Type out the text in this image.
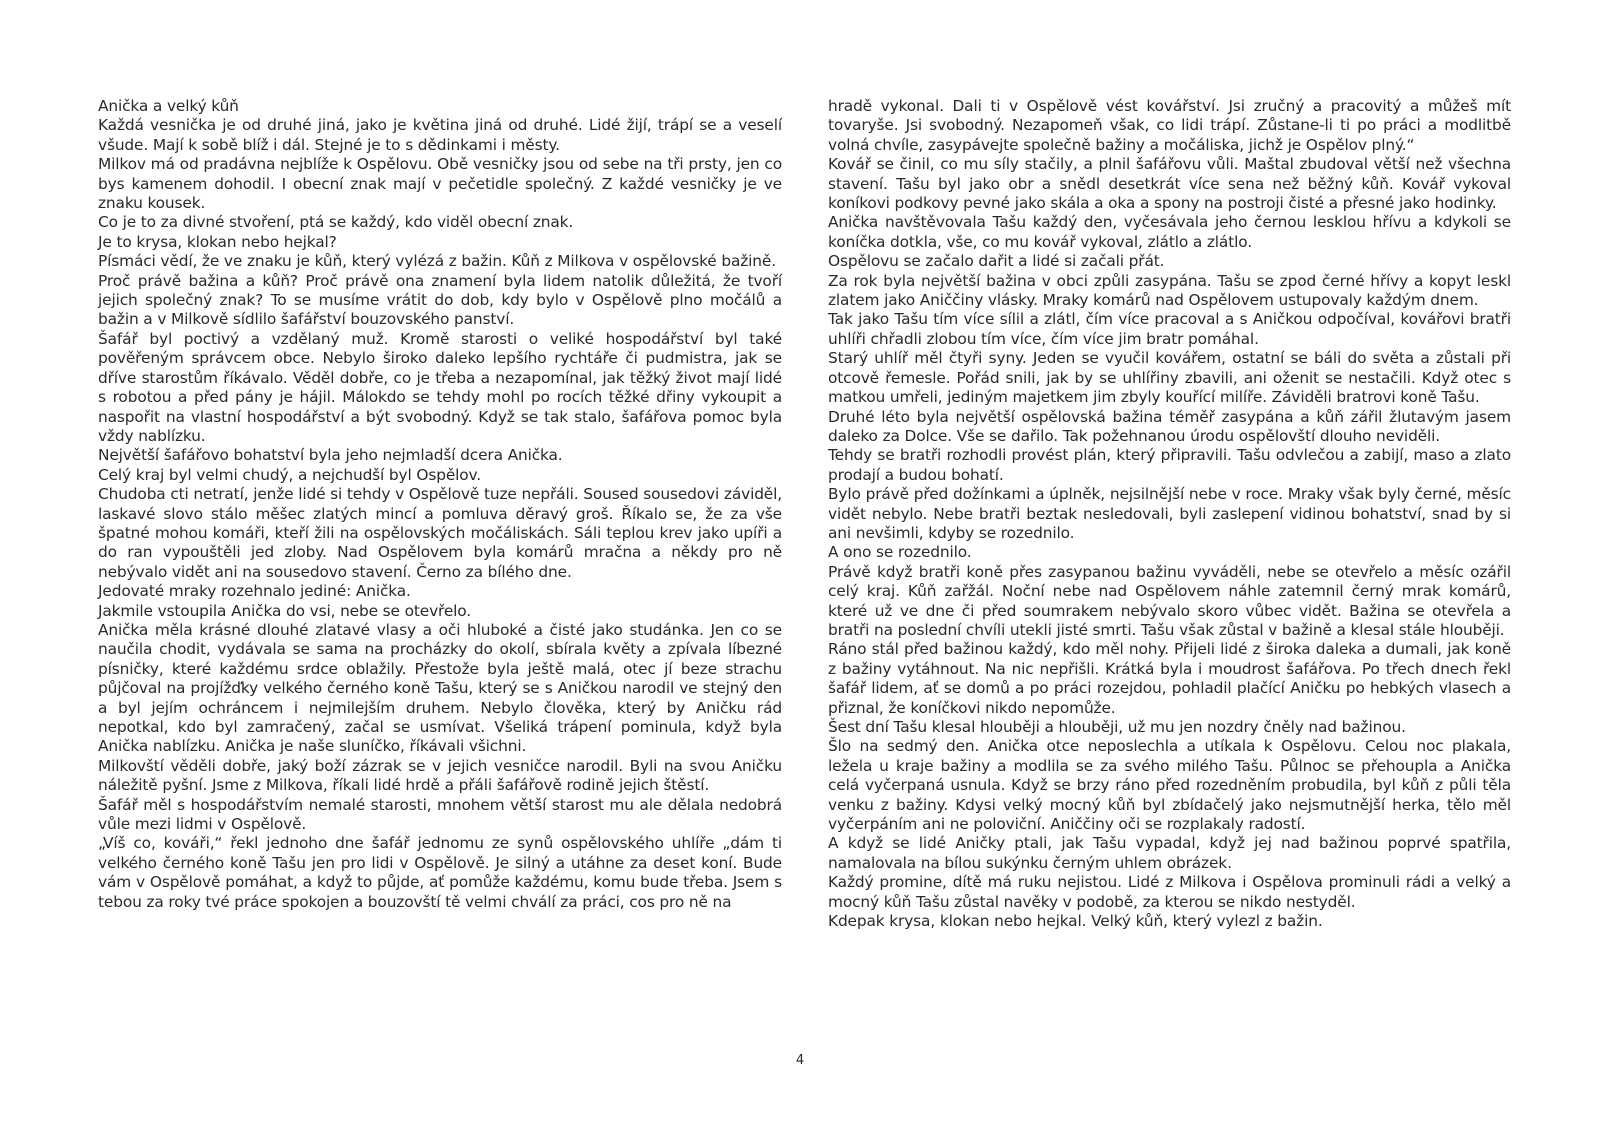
Anička a velký kůň

Každá vesnička je od druhé jiná, jako je květina jiná od druhé. Lidé žijí, trápí se a veselí všude. Mají k sobě blíž i dál. Stejné je to s dědinkami i městy.

Milkov má od pradávna nejblíže k Ospělovu. Obě vesničky jsou od sebe na tři prsty, jen co bys kamenem dohodil. I obecní znak mají v pečetidle společný. Z každé vesničky je ve znaku kousek.

Co je to za divné stvoření, ptá se každý, kdo viděl obecní znak.

Je to krysa, klokan nebo hejkal?

Písmáci vědí, že ve znaku je kůň, který vylézá z bažin. Kůň z Milkova v ospělovské bažině.

Proč právě bažina a kůň? Proč právě ona znamení byla lidem natolik důležitá, že tvoří jejich společný znak? To se musíme vrátit do dob, kdy bylo v Ospělově plno močálů a bažin a v Milkově sídlilo šafářství bouzovského panství.

Šafář byl poctivý a vzdělaný muž. Kromě starosti o veliké hospodářství byl také pověřeným správcem obce. Nebylo široko daleko lepšího rychtáře či pudmistra, jak se dříve starostům říkávalo. Věděl dobře, co je třeba a nezapomínal, jak těžký život mají lidé s robotou a před pány je hájil. Málokdo se tehdy mohl po rocích těžké dřiny vykoupit a naspořit na vlastní hospodářství a být svobodný. Když se tak stalo, šafářova pomoc byla vždy nablízku.

Největší šafářovo bohatství byla jeho nejmladší dcera Anička.

Celý kraj byl velmi chudý, a nejchudší byl Ospělov.

Chudoba cti netratí, jenže lidé si tehdy v Ospělově tuze nepřáli. Soused sousedovi záviděl, laskavé slovo stálo měšec zlatých mincí a pomluva děravý groš. Říkalo se, že za vše špatné mohou komáři, kteří žili na ospělovských močáliskách. Sáli teplou krev jako upíři a do ran vypouštěli jed zloby. Nad Ospělovem byla komárů mračna a někdy pro ně nebývalo vidět ani na sousedovo stavení. Černo za bílého dne.

Jedovaté mraky rozehnalo jediné: Anička.

Jakmile vstoupila Anička do vsi, nebe se otevřelo.

Anička měla krásné dlouhé zlatavé vlasy a oči hluboké a čisté jako studánka. Jen co se naučila chodit, vydávala se sama na procházky do okolí, sbírala květy a zpívala líbezné písničky, které každému srdce oblažily. Přestože byla ještě malá, otec jí beze strachu půjčoval na projížďky velkého černého koně Tašu, který se s Aničkou narodil ve stejný den a byl jejím ochráncem i nejmilejším druhem. Nebylo člověka, který by Aničku rád nepotkal, kdo byl zamračený, začal se usmívat. Všeliká trápení pominula, když byla Anička nablízku. Anička je naše sluníčko, říkávali všichni.

Milkovští věděli dobře, jaký boží zázrak se v jejich vesničce narodil. Byli na svou Aničku náležitě pyšní. Jsme z Milkova, říkali lidé hrdě a přáli šafářově rodině jejich štěstí.

Šafář měl s hospodářstvím nemalé starosti, mnohem větší starost mu ale dělala nedobrá vůle mezi lidmi v Ospělově.

„Víš co, kováři,“ řekl jednoho dne šafář jednomu ze synů ospělovského uhlíře „dám ti velkého černého koně Tašu jen pro lidi v Ospělově. Je silný a utáhne za deset koní. Bude vám v Ospělově pomáhat, a když to půjde, ať pomůže každému, komu bude třeba. Jsem s tebou za roky tvé práce spokojen a bouzovští tě velmi chválí za práci, cos pro ně na

hradě vykonal. Dali ti v Ospělově vést kovářství. Jsi zručný a pracovitý a můžeš mít tovaryše. Jsi svobodný. Nezapomeň však, co lidi trápí. Zůstane-li ti po práci a modlitbě volná chvíle, zasypávejte společně bažiny a močáliska, jichž je Ospělov plný.“

Kovář se činil, co mu síly stačily, a plnil šafářovu vůli. Maštal zbudoval větší než všechna stavení. Tašu byl jako obr a snědl desetkrát více sena než běžný kůň. Kovář vykoval koníkovi podkovy pevné jako skála a oka a spony na postroji čisté a přesné jako hodinky.

Anička navštěvovala Tašu každý den, vyčesávala jeho černou lesklou hřívu a kdykoli se koníčka dotkla, vše, co mu kovář vykoval, zlátlo a zlátlo.

Ospělovu se začalo dařit a lidé si začali přát.

Za rok byla největší bažina v obci způli zasypána. Tašu se zpod černé hřívy a kopyt leskl zlatem jako Aniččiny vlásky. Mraky komárů nad Ospělovem ustupovaly každým dnem.

Tak jako Tašu tím více sílil a zlátl, čím více pracoval a s Aničkou odpočíval, kovářovi bratři uhlíři chřadli zlobou tím více, čím více jim bratr pomáhal.

Starý uhlíř měl čtyři syny. Jeden se vyučil kovářem, ostatní se báli do světa a zůstali při otcově řemesle. Pořád snili, jak by se uhlířiny zbavili, ani oženit se nestačili. Když otec s matkou umřeli, jediným majetkem jim zbyly kouřící milíře. Záviděli bratrovi koně Tašu.

Druhé léto byla největší ospělovská bažina téměř zasypána a kůň zářil žlutavým jasem daleko za Dolce. Vše se dařilo. Tak požehnanou úrodu ospělovští dlouho neviděli.

Tehdy se bratři rozhodli provést plán, který připravili. Tašu odvlečou a zabijí, maso a zlato prodají a budou bohatí.

Bylo právě před dožínkami a úplněk, nejsilnější nebe v roce. Mraky však byly černé, měsíc vidět nebylo. Nebe bratři beztak nesledovali, byli zaslepení vidinou bohatství, snad by si ani nevšimli, kdyby se rozednilo.

A ono se rozednilo.

Právě když bratři koně přes zasypanou bažinu vyváděli, nebe se otevřelo a měsíc ozářil celý kraj. Kůň zařžál. Noční nebe nad Ospělovem náhle zatemnil černý mrak komárů, které už ve dne či před soumrakem nebývalo skoro vůbec vidět. Bažina se otevřela a bratři na poslední chvíli utekli jisté smrti. Tašu však zůstal v bažině a klesal stále hlouběji.

Ráno stál před bažinou každý, kdo měl nohy. Přijeli lidé z široka daleka a dumali, jak koně z bažiny vytáhnout. Na nic nepřišli. Krátká byla i moudrost šafářova. Po třech dnech řekl šafář lidem, ať se domů a po práci rozejdou, pohladil plačící Aničku po hebkých vlasech a přiznal, že koníčkovi nikdo nepomůže.

Šest dní Tašu klesal hlouběji a hlouběji, už mu jen nozdry čněly nad bažinou.

Šlo na sedmý den. Anička otce neposlechla a utíkala k Ospělovu. Celou noc plakala, ležela u kraje bažiny a modlila se za svého milého Tašu. Půlnoc se přehoupla a Anička celá vyčerpaná usnula. Když se brzy ráno před rozedněním probudila, byl kůň z půli těla venku z bažiny. Kdysi velký mocný kůň byl zbídačelý jako nejsmutnější herka, tělo měl vyčerpáním ani ne poloviční. Aniččiny oči se rozplakaly radostí.

A když se lidé Aničky ptali, jak Tašu vypadal, když jej nad bažinou poprvé spatřila, namalovala na bílou sukýnku černým uhlem obrázek.

Každý promine, dítě má ruku nejistou. Lidé z Milkova i Ospělova prominuli rádi a velký a mocný kůň Tašu zůstal navěky v podobě, za kterou se nikdo nestyděl.

Kdepak krysa, klokan nebo hejkal. Velký kůň, který vylezl z bažin.

4
